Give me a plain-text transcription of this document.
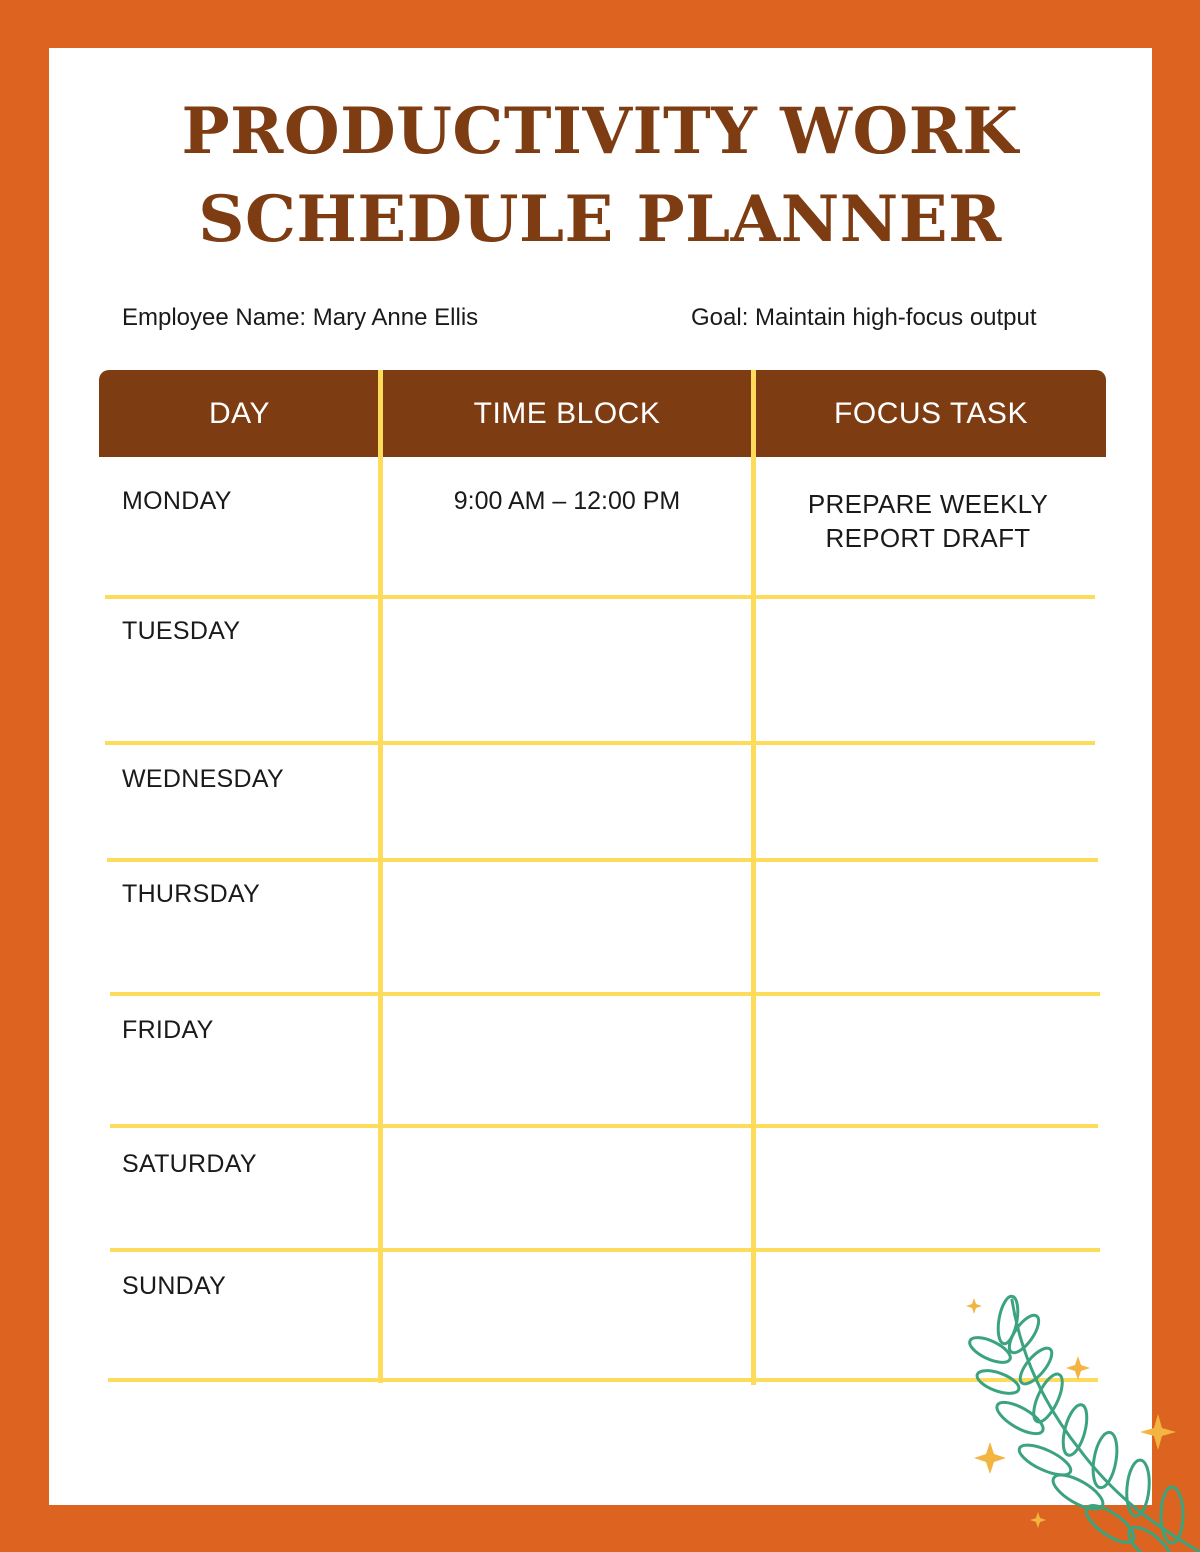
PRODUCTIVITY WORK
SCHEDULE PLANNER
Employee Name: Mary Anne Ellis	Goal: Maintain high-focus output
DAY	TIME BLOCK	FOCUS TASK
MONDAY	9:00 AM – 12:00 PM	PREPARE WEEKLY
REPORT DRAFT
TUESDAY
WEDNESDAY
THURSDAY
FRIDAY
SATURDAY
SUNDAY
